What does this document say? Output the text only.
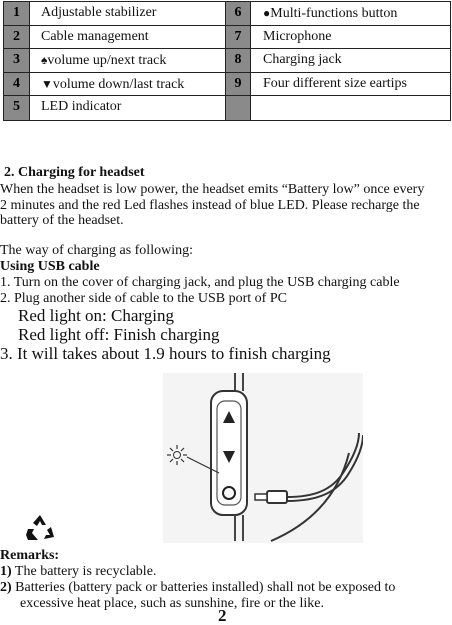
1	Adjustable stabilizer	6	●Multi-functions button
2	Cable management	7	Microphone
3	♠volume up/next track	8	Charging jack
4	▼volume down/last track	9	Four different size eartips
5	LED indicator
2. Charging for headset
When the headset is low power, the headset emits “Battery low” once every
2 minutes and the red Led flashes instead of blue LED. Please recharge the
battery of the headset.
The way of charging as following:
Using USB cable
1. Turn on the cover of charging jack, and plug the USB charging cable
2. Plug another side of cable to the USB port of PC
Red light on: Charging
Red light off: Finish charging
3. It will takes about 1.9 hours to finish charging
Remarks:
1) The battery is recyclable.
2) Batteries (battery pack or batteries installed) shall not be exposed to
excessive heat place, such as sunshine, fire or the like.
2
